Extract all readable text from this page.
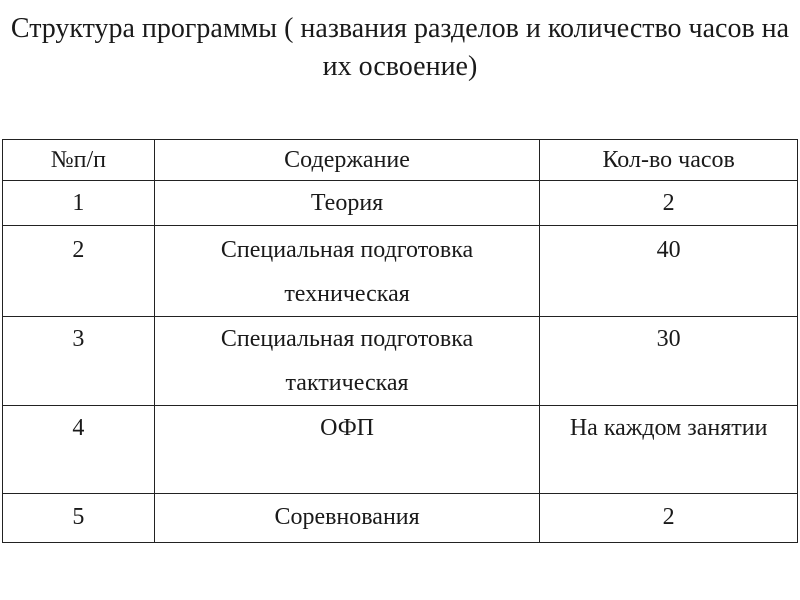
Структура программы ( названия разделов и количество часов на их освоение)
№п/п	Содержание	Кол-во часов
1	Теория	2
2	Специальная подготовка техническая	40
3	Специальная подготовка тактическая	30
4	ОФП	На каждом занятии
5	Соревнования	2
